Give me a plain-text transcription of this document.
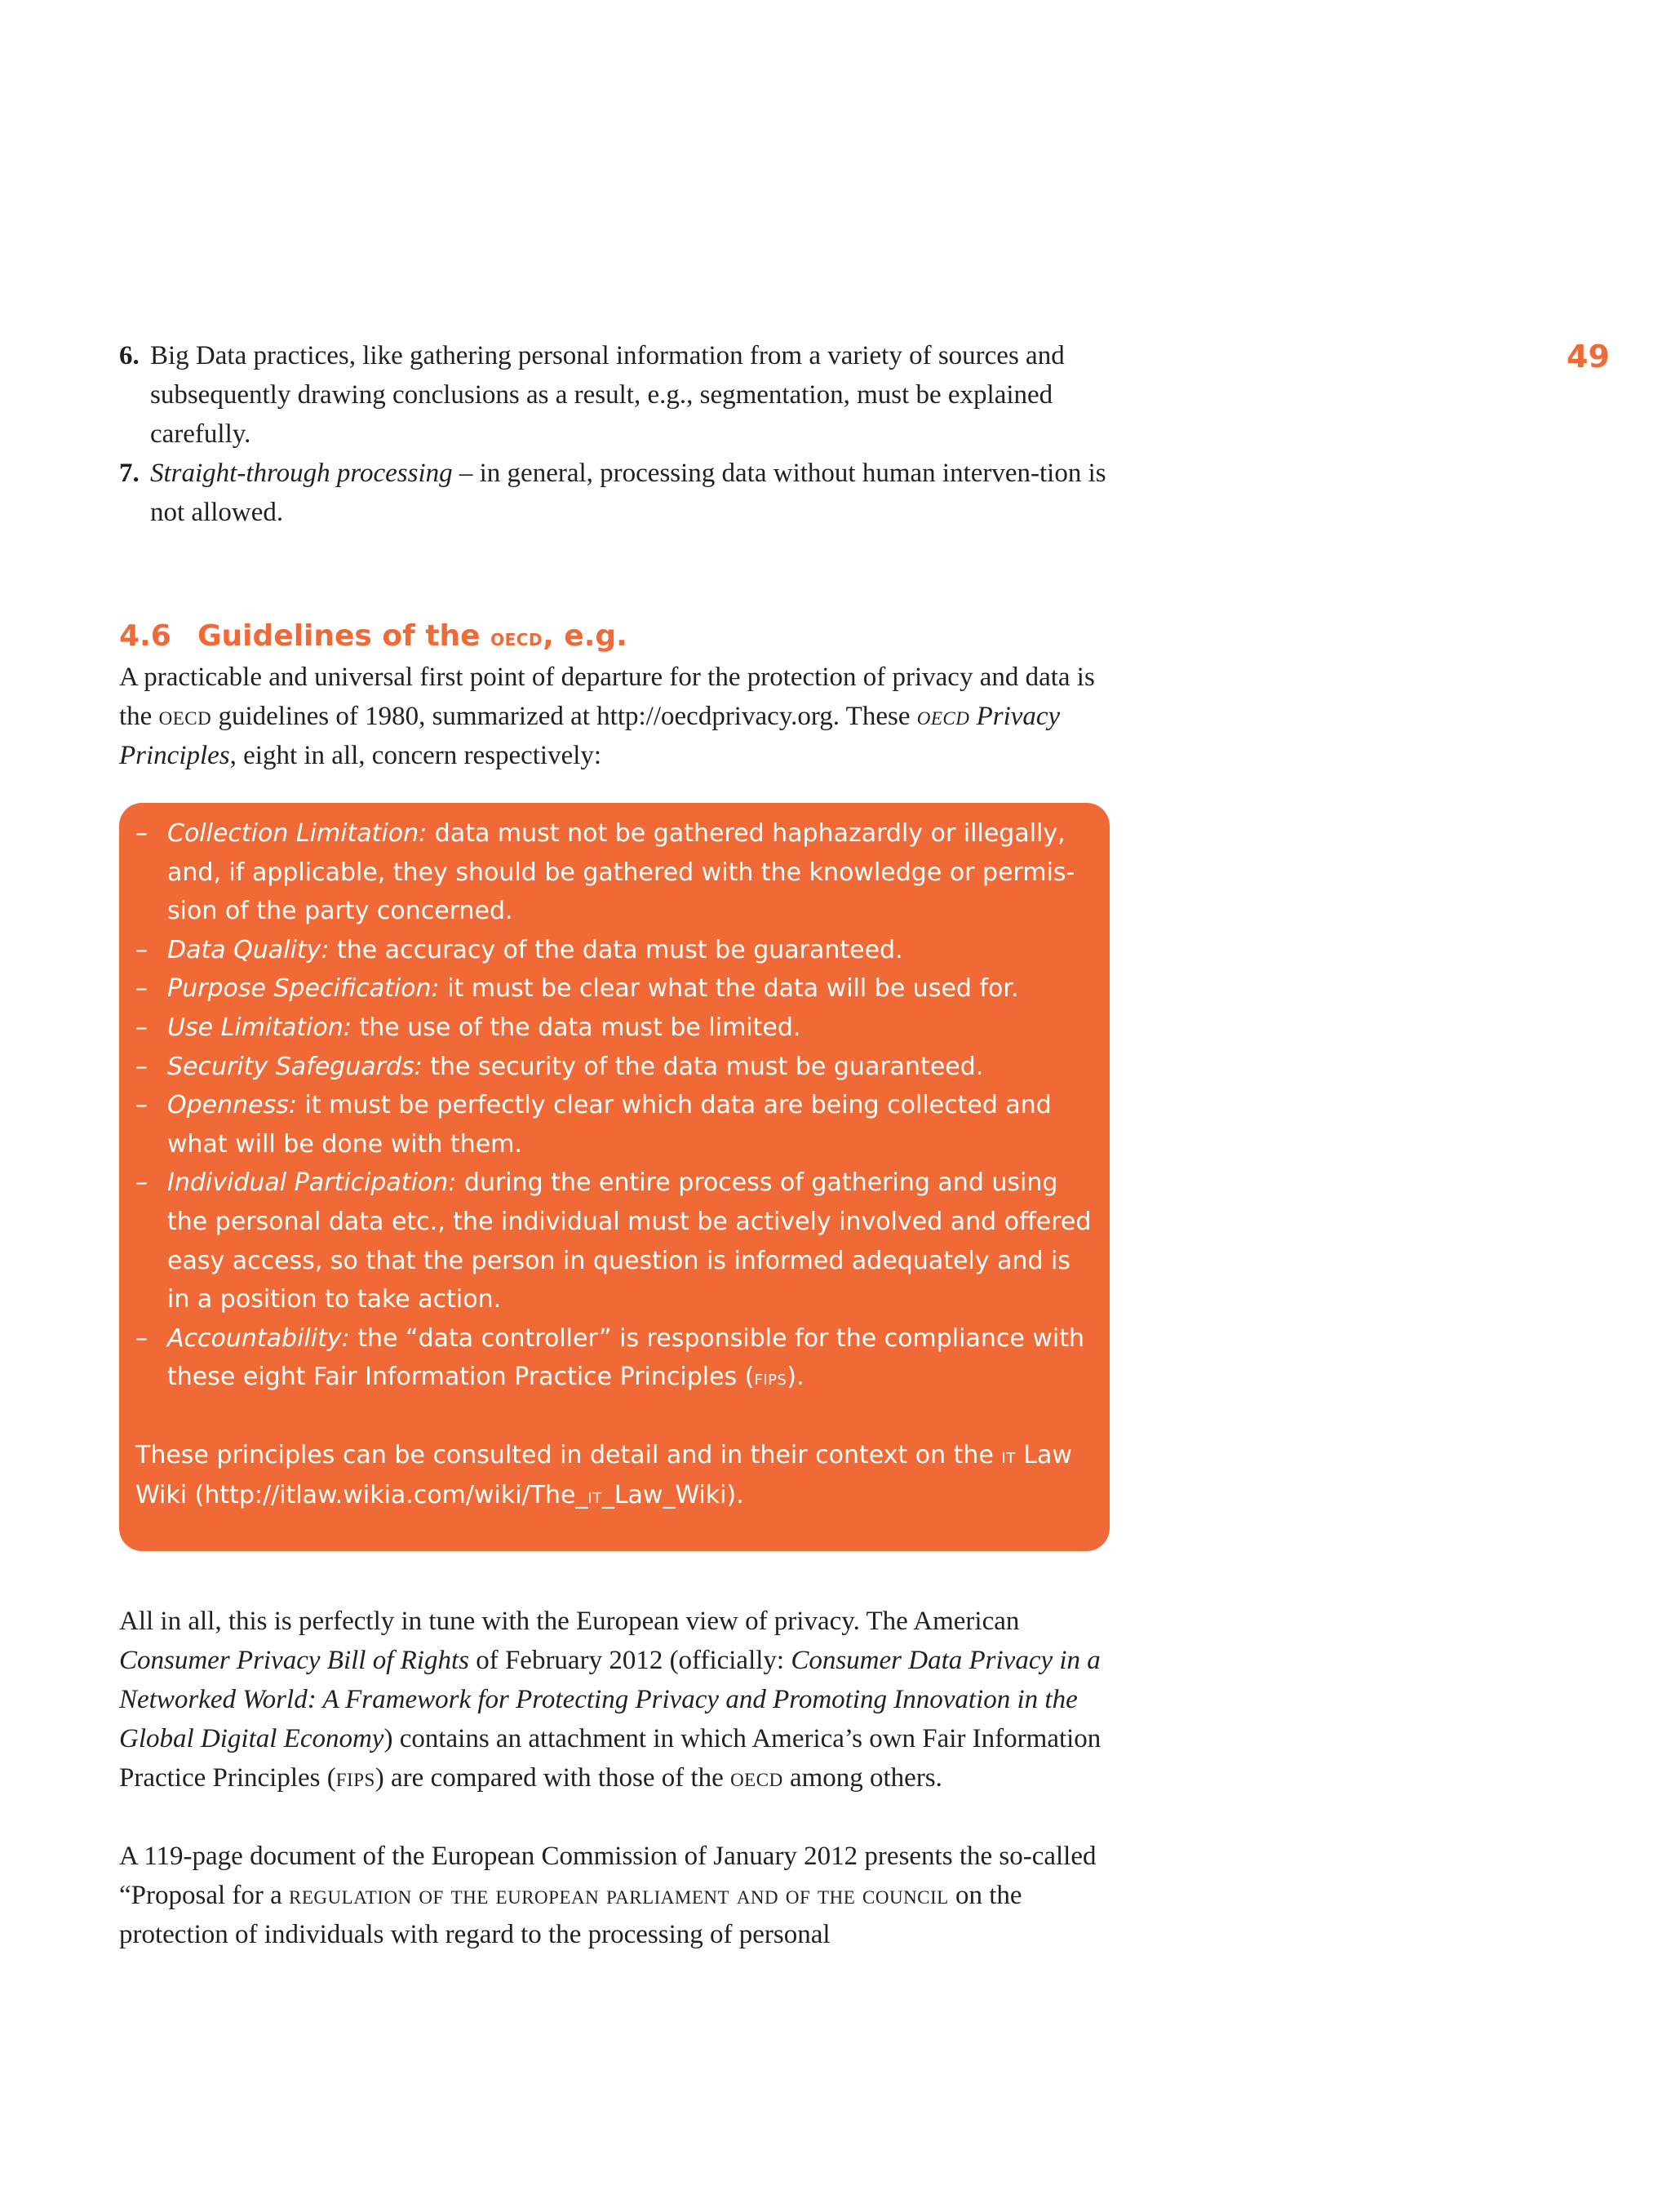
49
6. Big Data practices, like gathering personal information from a variety of sources and subsequently drawing conclusions as a result, e.g., segmentation, must be explained carefully.
7. Straight-through processing – in general, processing data without human interven-tion is not allowed.
4.6 Guidelines of the oecd, e.g.

A practicable and universal first point of departure for the protection of privacy and data is the oecd guidelines of 1980, summarized at http://oecdprivacy.org. These oecd Privacy Principles, eight in all, concern respectively:

– Collection Limitation: data must not be gathered haphazardly or illegally, and, if applicable, they should be gathered with the knowledge or permis-sion of the party concerned.
– Data Quality: the accuracy of the data must be guaranteed.
– Purpose Specification: it must be clear what the data will be used for.
– Use Limitation: the use of the data must be limited.
– Security Safeguards: the security of the data must be guaranteed.
– Openness: it must be perfectly clear which data are being collected and what will be done with them.
– Individual Participation: during the entire process of gathering and using the personal data etc., the individual must be actively involved and offered easy access, so that the person in question is informed adequately and is in a position to take action.
– Accountability: the “data controller” is responsible for the compliance with these eight Fair Information Practice Principles (fips).
These principles can be consulted in detail and in their context on the it Law Wiki (http://itlaw.wikia.com/wiki/The_it_Law_Wiki).

All in all, this is perfectly in tune with the European view of privacy. The American Consumer Privacy Bill of Rights of February 2012 (officially: Consumer Data Privacy in a Networked World: A Framework for Protecting Privacy and Promoting Innovation in the Global Digital Economy) contains an attachment in which America’s own Fair Information Practice Principles (fips) are compared with those of the oecd among others.

A 119-page document of the European Commission of January 2012 presents the so-called “Proposal for a regulation of the european parliament and of the council on the protection of individuals with regard to the processing of personal
